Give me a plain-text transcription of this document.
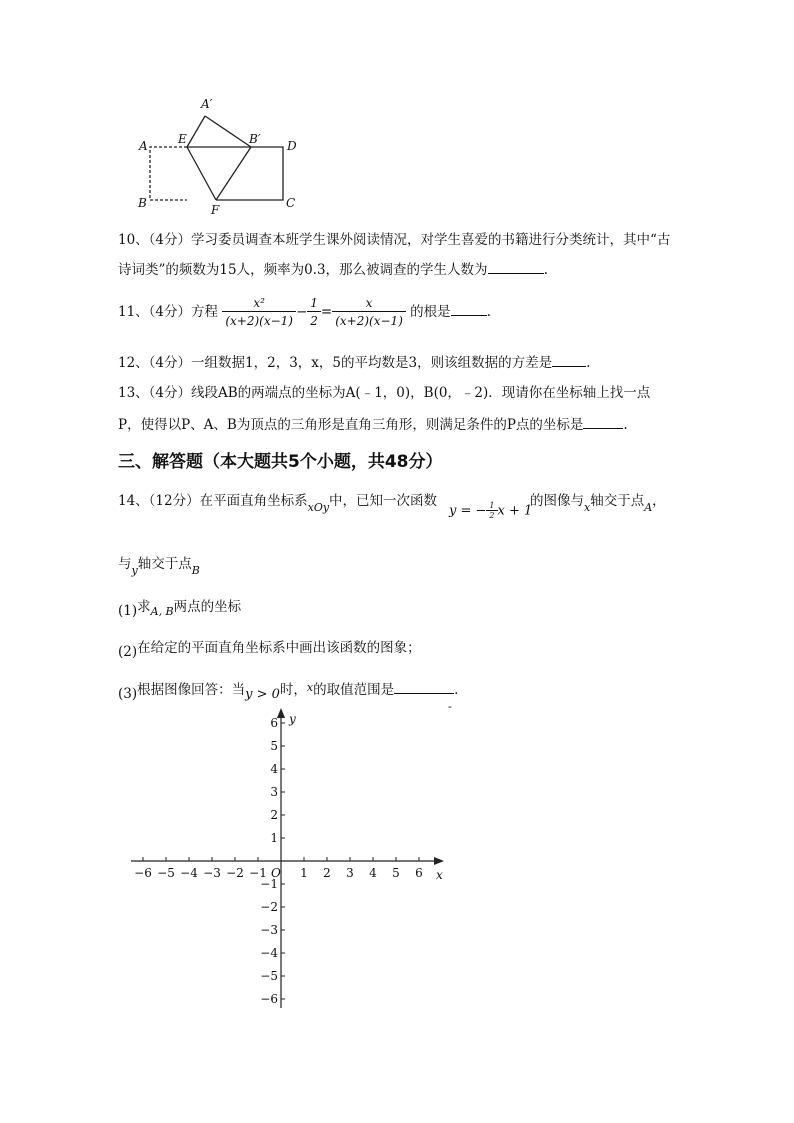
A′
A	E	B′ D
B	F	C
10、（4分）学习委员调查本班学生课外阅读情况，对学生喜爱的书籍进行分类统计，其中“古
诗词类”的频数为15人，频率为0.3，那么被调查的学生人数为	.
11、（4分）方程 $\frac{\text{x²}}{(x+2)(x-1)} - \frac{1}{2} = \frac{x}{(x+2)(x-1)}$ 的根是	.
12、（4分）一组数据1，2，3，x，5的平均数是3，则该组数据的方差是	.
13、（4分）线段AB的两端点的坐标为A(﹣1，0)，B(0，﹣2)．现请你在坐标轴上找一点
P，使得以P、A、B为顶点的三角形是直角三角形，则满足条件的P点的坐标是	.
三、解答题（本大题共5个小题，共48分）
14、（12分）在平面直角坐标系$_{xOy}$中，已知一次函数
y = − $\frac{1}{2}$ x + 1
的图像与$_x$轴交于点$_A$，
与$_y$轴交于点$_B$
(1)求$_{A, B}$两点的坐标
(2)在给定的平面直角坐标系中画出该函数的图象；
(3)根据图像回答：当y > 0时，$^x$的取值范围是	.
-
−6 −5 −4 −3 −2 −1	1 2 3 4 5 6
6
5
4
3
2
1
−1
−2
−3
−4
−5
−6
x
y
O
